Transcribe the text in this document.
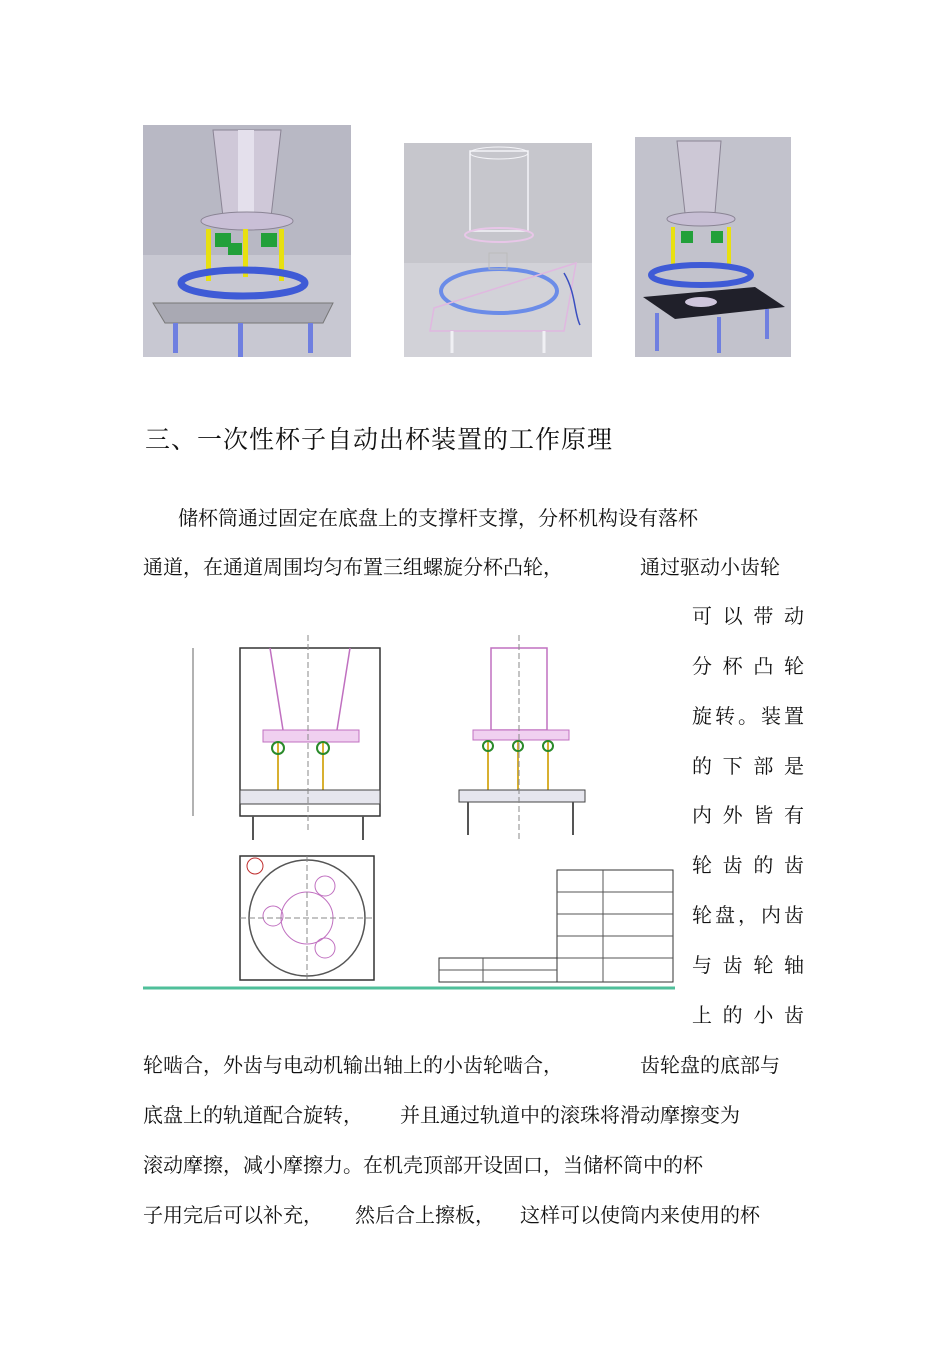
三、一次性杯子自动出杯装置的工作原理
储杯筒通过固定在底盘上的支撑杆支撑，分杯机构设有落杯
通道，在通道周围均匀布置三组螺旋分杯凸轮，	通过驱动小齿轮
可 以 带 动
分 杯 凸 轮
旋 转 。 装 置
的 下 部 是
内 外 皆 有
轮 齿 的 齿
轮 盘 ， 内 齿
与 齿 轮 轴
上 的 小 齿
轮啮合，外齿与电动机输出轴上的小齿轮啮合，	齿轮盘的底部与
底盘上的轨道配合旋转， 并且通过轨道中的滚珠将滑动摩擦变为
滚动摩擦，减小摩擦力。在机壳顶部开设固口，当储杯筒中的杯
子用完后可以补充， 然后合上擦板， 这样可以使筒内来使用的杯
